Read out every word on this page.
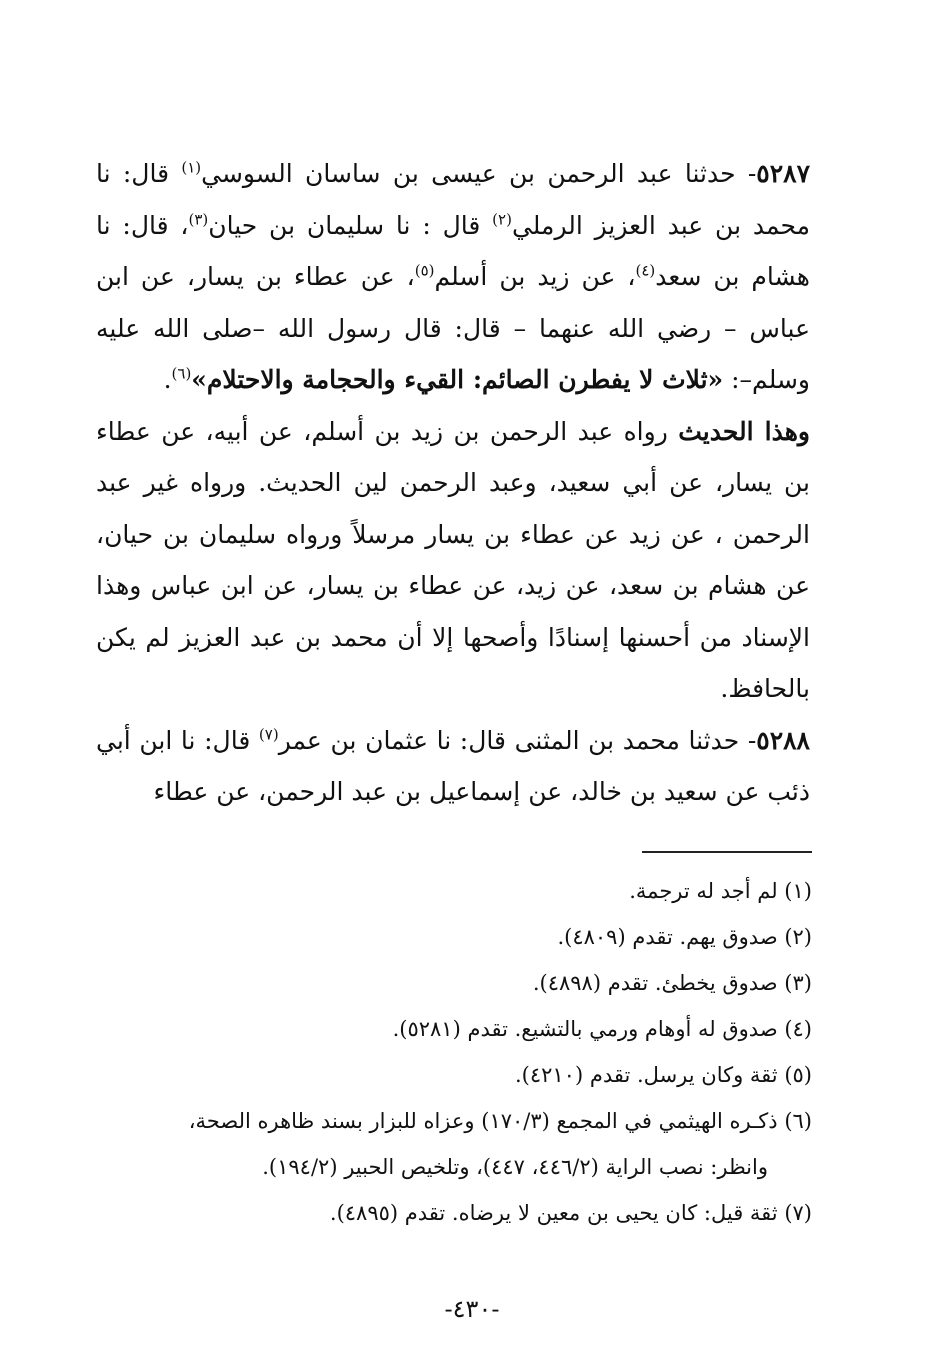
٥٢٨٧- حدثنا عبد الرحمن بن عيسى بن ساسان السوسي$^{(١)}$ قال: نا محمد بن عبد العزيز الرملي$^{(٢)}$ قال : نا سليمان بن حيان$^{(٣)}$، قال: نا هشام بن سعد$^{(٤)}$، عن زيد بن أسلم$^{(٥)}$، عن عطاء بن يسار، عن ابن عباس – رضي الله عنهما – قال: قال رسول الله –صلى الله عليه وسلم–: «ثلاث لا يفطرن الصائم: القيء والحجامة والاحتلام»$^{(٦)}$.

وهذا الحديث رواه عبد الرحمن بن زيد بن أسلم، عن أبيه، عن عطاء بن يسار، عن أبي سعيد، وعبد الرحمن لين الحديث. ورواه غير عبد الرحمن ، عن زيد عن عطاء بن يسار مرسلاً ورواه سليمان بن حيان، عن هشام بن سعد، عن زيد، عن عطاء بن يسار، عن ابن عباس وهذا الإسناد من أحسنها إسنادًا وأصحها إلا أن محمد بن عبد العزيز لم يكن بالحافظ.

٥٢٨٨- حدثنا محمد بن المثنى قال: نا عثمان بن عمر$^{(٧)}$ قال: نا ابن أبي ذئب عن سعيد بن خالد، عن إسماعيل بن عبد الرحمن، عن عطاء

(١) لم أجد له ترجمة.
(٢) صدوق يهم. تقدم (٤٨٠٩).
(٣) صدوق يخطئ. تقدم (٤٨٩٨).
(٤) صدوق له أوهام ورمي بالتشيع. تقدم (٥٢٨١).
(٥) ثقة وكان يرسل. تقدم (٤٢١٠).
(٦) ذكـره الهيثمي في المجمع (١٧٠/٣) وعزاه للبزار بسند ظاهره الصحة،
وانظر: نصب الراية (٤٤٦/٢، ٤٤٧)، وتلخيص الحبير (١٩٤/٢).
(٧) ثقة قيل: كان يحيى بن معين لا يرضاه. تقدم (٤٨٩٥).
-٤٣٠-
